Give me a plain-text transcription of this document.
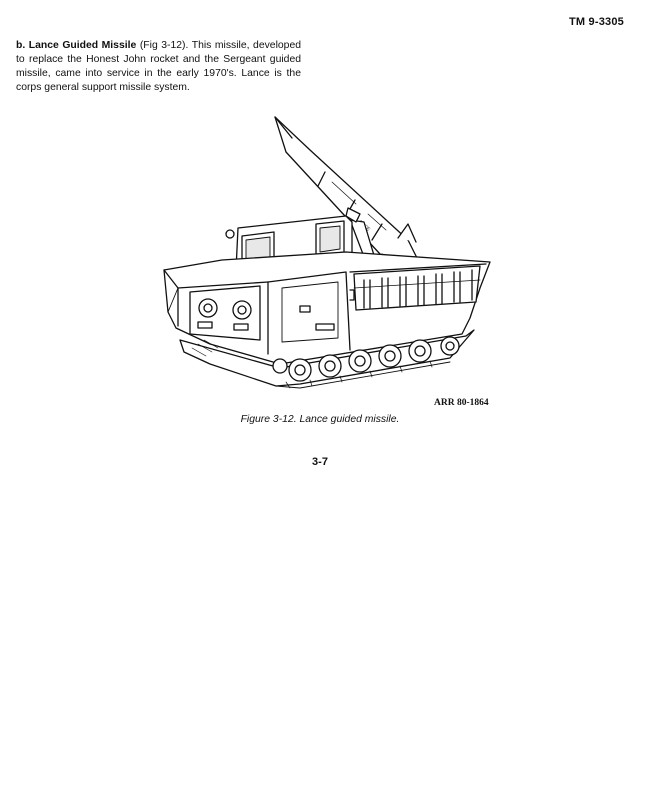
TM 9-3305

b. Lance Guided Missile (Fig 3-12). This missile, developed to replace the Honest John rocket and the Sergeant guided missile, came into service in the early 1970's. Lance is the corps general support missile system.

ARR 80-1864
Figure 3-12. Lance guided missile.
3-7
